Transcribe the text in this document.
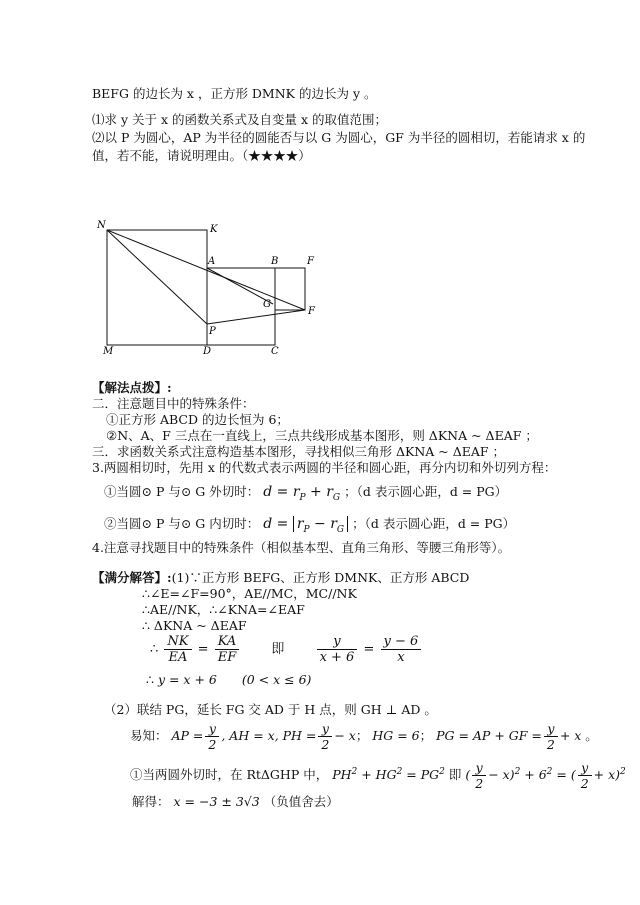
BEFG 的边长为 x ，正方形 DMNK 的边长为 y 。
⑴求 y 关于 x 的函数关系式及自变量 x 的取值范围；
⑵以 P 为圆心，AP 为半径的圆能否与以 G 为圆心，GF 为半径的圆相切，若能请求 x 的
值，若不能，请说明理由。（★★★★）
N	K
A	B	F
G
F
P
M	D	C
【解法点拨】:
二．注意题目中的特殊条件：
①正方形 ABCD 的边长恒为 6；
②N、A、F 三点在一直线上，三点共线形成基本图形，则 ΔKNA ~ ΔEAF ；
三．求函数关系式注意构造基本图形，寻找相似三角形 ΔKNA ~ ΔEAF ；
3.两圆相切时，先用 x 的代数式表示两圆的半径和圆心距，再分内切和外切列方程：
①当圆⊙ P 与⊙ G 外切时： $d = r_P + r_G$ ；（d 表示圆心距，d = PG）
②当圆⊙ P 与⊙ G 内切时： $d = r_P - r_G$ ；（d 表示圆心距，d = PG）
4.注意寻找题目中的特殊条件（相似基本型、直角三角形、等腰三角形等）。
【满分解答】:(1)∵正方形 BEFG、正方形 DMNK、正方形 ABCD
∴∠E=∠F=90°，AE//MC，MC//NK
∴AE//NK，∴∠KNA=∠EAF
∴ ΔKNA ~ ΔEAF
∴ $\frac{NK}{EA} = \frac{KA}{EF}$ 即 $\frac{y}{x + 6} = \frac{y - 6}{x}$
∴ y = x + 6　　(0 < x ≤ 6)
（2）联结 PG，延长 FG 交 AD 于 H 点，则 GH ⊥ AD 。
易知： AP = $\frac{y}{2}$ , AH = x, PH = $\frac{y}{2} - x$； HG = 6； PG = AP + GF = $\frac{y}{2} + x$ 。
①当两圆外切时，在 RtΔGHP 中， $PH^2 + HG^2 = PG^2$ 即 ( $\frac{y}{2} - x)^2 + 6^2$ = ( $\frac{y}{2} + x)^2$
解得： x = −3 ± 3√3 （负值舍去）
